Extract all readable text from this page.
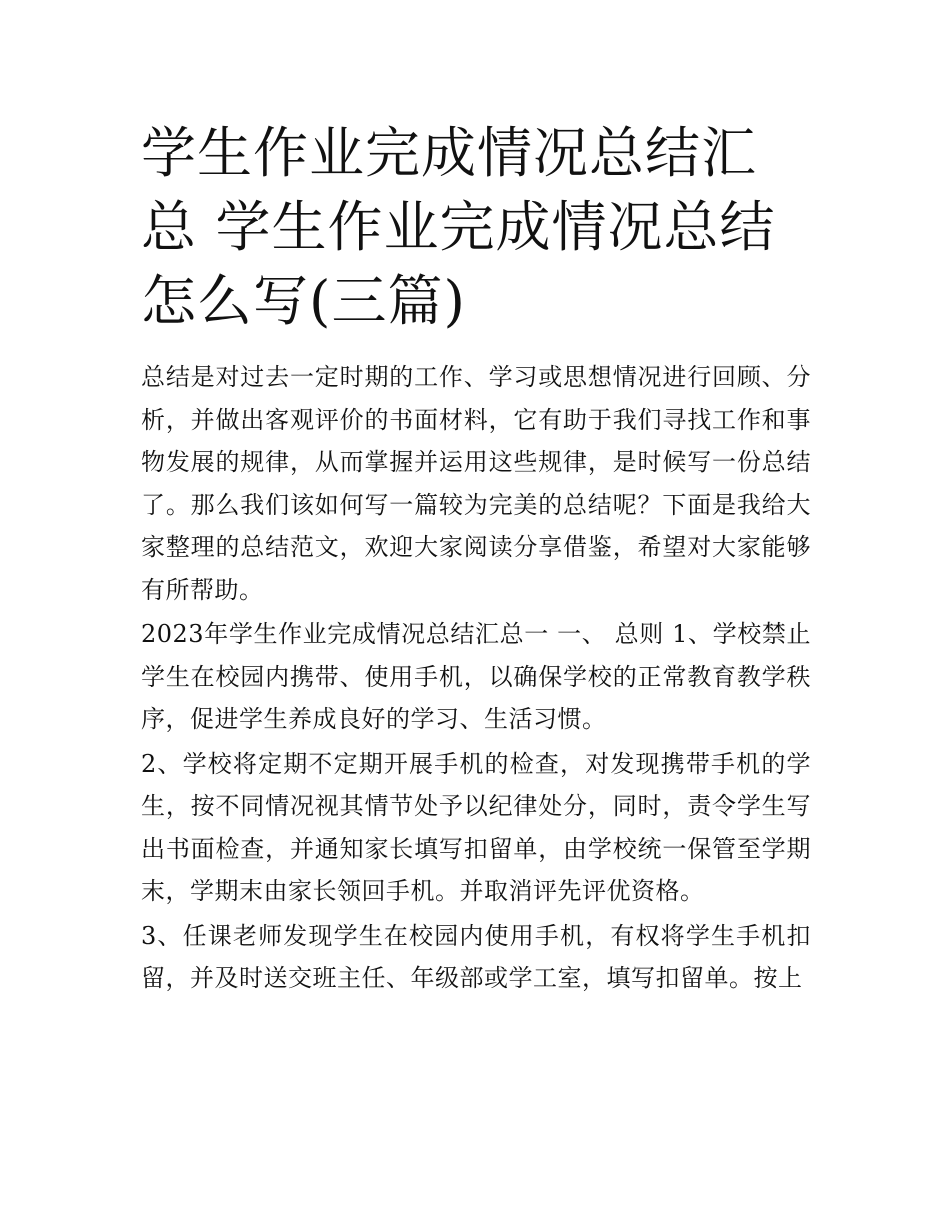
学生作业完成情况总结汇总 学生作业完成情况总结怎么写(三篇)

总结是对过去一定时期的工作、学习或思想情况进行回顾、分析，并做出客观评价的书面材料，它有助于我们寻找工作和事物发展的规律，从而掌握并运用这些规律，是时候写一份总结了。那么我们该如何写一篇较为完美的总结呢？下面是我给大家整理的总结范文，欢迎大家阅读分享借鉴，希望对大家能够有所帮助。

2023年学生作业完成情况总结汇总一 一、 总则 1、学校禁止学生在校园内携带、使用手机，以确保学校的正常教育教学秩序，促进学生养成良好的学习、生活习惯。

2、学校将定期不定期开展手机的检查，对发现携带手机的学生，按不同情况视其情节处予以纪律处分，同时，责令学生写出书面检查，并通知家长填写扣留单，由学校统一保管至学期末，学期末由家长领回手机。并取消评先评优资格。

3、任课老师发现学生在校园内使用手机，有权将学生手机扣留，并及时送交班主任、年级部或学工室，填写扣留单。按上
